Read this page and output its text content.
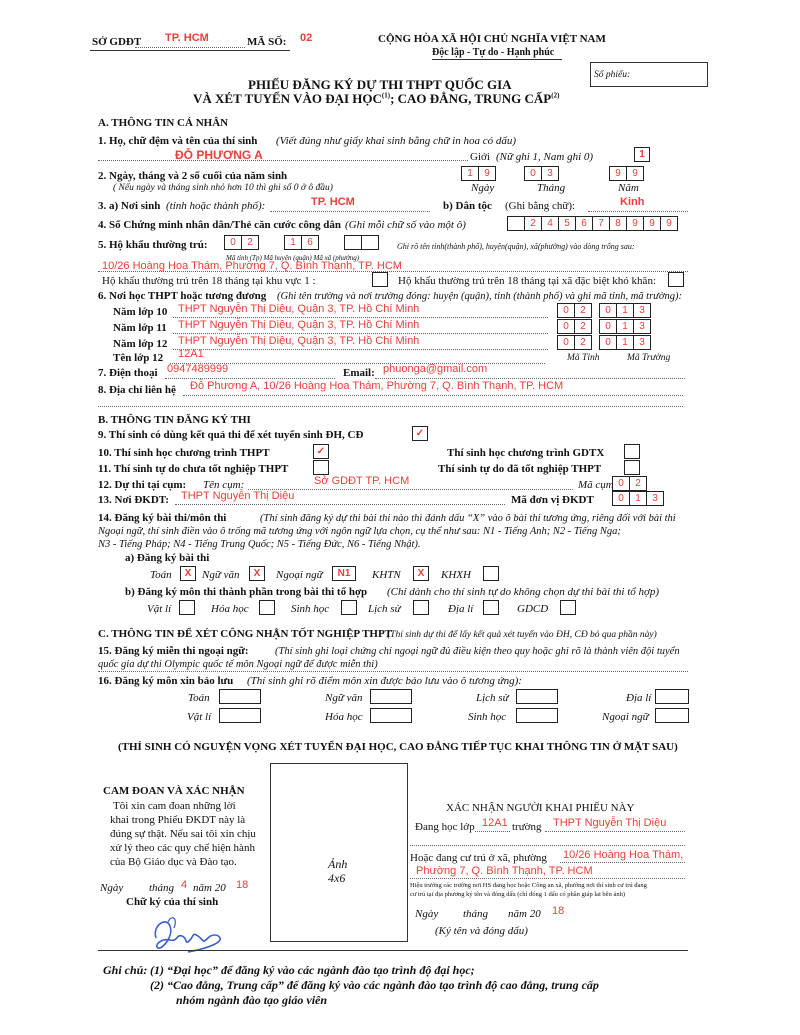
SỞ GDĐT TP. HCM	MÃ SỐ: 02	CỘNG HÒA XÃ HỘI CHỦ NGHĨA VIỆT NAM
Độc lập - Tự do - Hạnh phúc
Số phiếu:
PHIẾU ĐĂNG KÝ DỰ THI THPT QUỐC GIA
VÀ XÉT TUYỂN VÀO ĐẠI HỌC$^{(1)}$; CAO ĐẲNG, TRUNG CẤP$^{(2)}$
A. THÔNG TIN CÁ NHÂN
1. Họ, chữ đệm và tên của thí sinh (Viết đúng như giấy khai sinh bằng chữ in hoa có dấu)
ĐỖ PHƯƠNG A	Giới (Nữ ghi 1, Nam ghi 0)	1
2. Ngày, tháng và 2 số cuối của năm sinh
( Nếu ngày và tháng sinh nhỏ hơn 10 thì ghi số 0 ở ô đầu)
1	9	0	3	9	9
Ngày	Tháng	Năm
3. a) Nơi sinh (tỉnh hoặc thành phố):	TP. HCM	b) Dân tộc (Ghi bằng chữ):	Kinh
4. Số Chứng minh nhân dân/Thẻ căn cước công dân (Ghi mỗi chữ số vào một ô)	2	4	5	6	7	8	9	9	9
5. Hộ khẩu thường trú:	0	2	1	6	Ghi rõ tên tỉnh(thành phố), huyện(quận), xã(phường) vào dòng trống sau:
Mã tỉnh (Tp) Mã huyện (quận) Mã xã (phường)
10/26 Hoàng Hoa Thám, Phường 7, Q. Bình Thạnh, TP. HCM
Hộ khẩu thường trú trên 18 tháng tại khu vực 1 :	Hộ khẩu thường trú trên 18 tháng tại xã đặc biệt khó khăn:
6. Nơi học THPT hoặc tương đương (Ghi tên trường và nơi trường đóng: huyện (quận), tỉnh (thành phố) và ghi mã tỉnh, mã trường):
Năm lớp 10 THPT Nguyễn Thị Diệu, Quận 3, TP. Hồ Chí Minh	0	2	0	1	3
Năm lớp 11 THPT Nguyễn Thị Diệu, Quận 3, TP. Hồ Chí Minh	0	2	0	1	3
Năm lớp 12 THPT Nguyễn Thị Diệu, Quận 3, TP. Hồ Chí Minh	0	2	0	1	3
Tên lớp 12 12A1	Mã Tỉnh	Mã Trường
7. Điện thoại 0947489999	Email: phuonga@gmail.com
8. Địa chỉ liên hệ Đỗ Phương A, 10/26 Hoàng Hoa Thám, Phường 7, Q. Bình Thạnh, TP. HCM
B. THÔNG TIN ĐĂNG KÝ THI
9. Thí sinh có dùng kết quả thi để xét tuyển sinh ĐH, CĐ	✓
10. Thí sinh học chương trình THPT	✓	Thí sinh học chương trình GDTX
11. Thí sinh tự do chưa tốt nghiệp THPT	Thí sinh tự do đã tốt nghiệp THPT
12. Dự thi tại cụm: Tên cụm:	Sở GDĐT TP. HCM	Mã cụm 0	2
13. Nơi ĐKDT: THPT Nguyễn Thị Diệu	Mã đơn vị ĐKDT	0	1	3
14. Đăng ký bài thi/môn thi	(Thí sinh đăng ký dự thi bài thi nào thì đánh dấu “X” vào ô bài thi tương ứng, riêng đối với bài thi
Ngoại ngữ, thí sinh điền vào ô trống mã tương ứng với ngôn ngữ lựa chọn, cụ thể như sau: N1 - Tiếng Anh; N2 - Tiếng Nga;
N3 - Tiếng Pháp; N4 - Tiếng Trung Quốc; N5 - Tiếng Đức, N6 - Tiếng Nhật).
a) Đăng ký bài thi
Toán	X Ngữ văn	X	Ngoại ngữ	N1	KHTN	X	KHXH
b) Đăng ký môn thi thành phần trong bài thi tổ hợp (Chỉ dành cho thí sinh tự do không chọn dự thi bài thi tổ hợp)
Vật lí	Hóa học	Sinh học	Lịch sử	Địa lí	GDCD
C. THÔNG TIN ĐỂ XÉT CÔNG NHẬN TỐT NGHIỆP THPT
(Thí sinh dự thi để lấy kết quả xét tuyển vào ĐH, CĐ bỏ qua phần này)
15. Đăng ký miễn thi ngoại ngữ:	(Thí sinh ghi loại chứng chỉ ngoại ngữ đủ điều kiện theo quy hoặc ghi rõ là thành viên đội tuyển
quốc gia dự thi Olympic quốc tế môn Ngoại ngữ để được miễn thi)
16. Đăng ký môn xin bảo lưu (Thí sinh ghi rõ điểm môn xin được bảo lưu vào ô tương ứng):
Toán	Ngữ văn	Lịch sử	Địa lí
Vật lí	Hóa học	Sinh học	Ngoại ngữ
(THÍ SINH CÓ NGUYỆN VỌNG XÉT TUYỂN ĐẠI HỌC, CAO ĐẲNG TIẾP TỤC KHAI THÔNG TIN Ở MẶT SAU)
CAM ĐOAN VÀ XÁC NHẬN
Tôi xin cam đoan những lời
khai trong Phiếu ĐKDT này là
đúng sự thật. Nếu sai tôi xin chịu
xử lý theo các quy chế hiện hành
của Bộ Giáo dục và Đào tạo.
Ngày tháng 4 năm 20 18
Chữ ký của thí sinh
Ảnh
4x6
XÁC NHẬN NGƯỜI KHAI PHIẾU NÀY
Đang học lớp 12A1 trường THPT Nguyễn Thị Diệu
Hoặc đang cư trú ở xã, phường 10/26 Hoàng Hoa Thám,
Phường 7, Q. Bình Thạnh, TP. HCM
Hiệu trưởng các trường nơi HS đang học hoặc Công an xã, phường nơi thí sinh cư trú đang
cư trú tại địa phương ký tên và đóng dấu (chỉ đóng 1 dấu có phần giáp lai bên ảnh)
Ngày tháng năm 20 18
(Ký tên và đóng dấu)
Ghi chú: (1) “Đại học” để đăng ký vào các ngành đào tạo trình độ đại học;
(2) “Cao đẳng, Trung cấp” để đăng ký vào các ngành đào tạo trình độ cao đẳng, trung cấp
nhóm ngành đào tạo giáo viên
